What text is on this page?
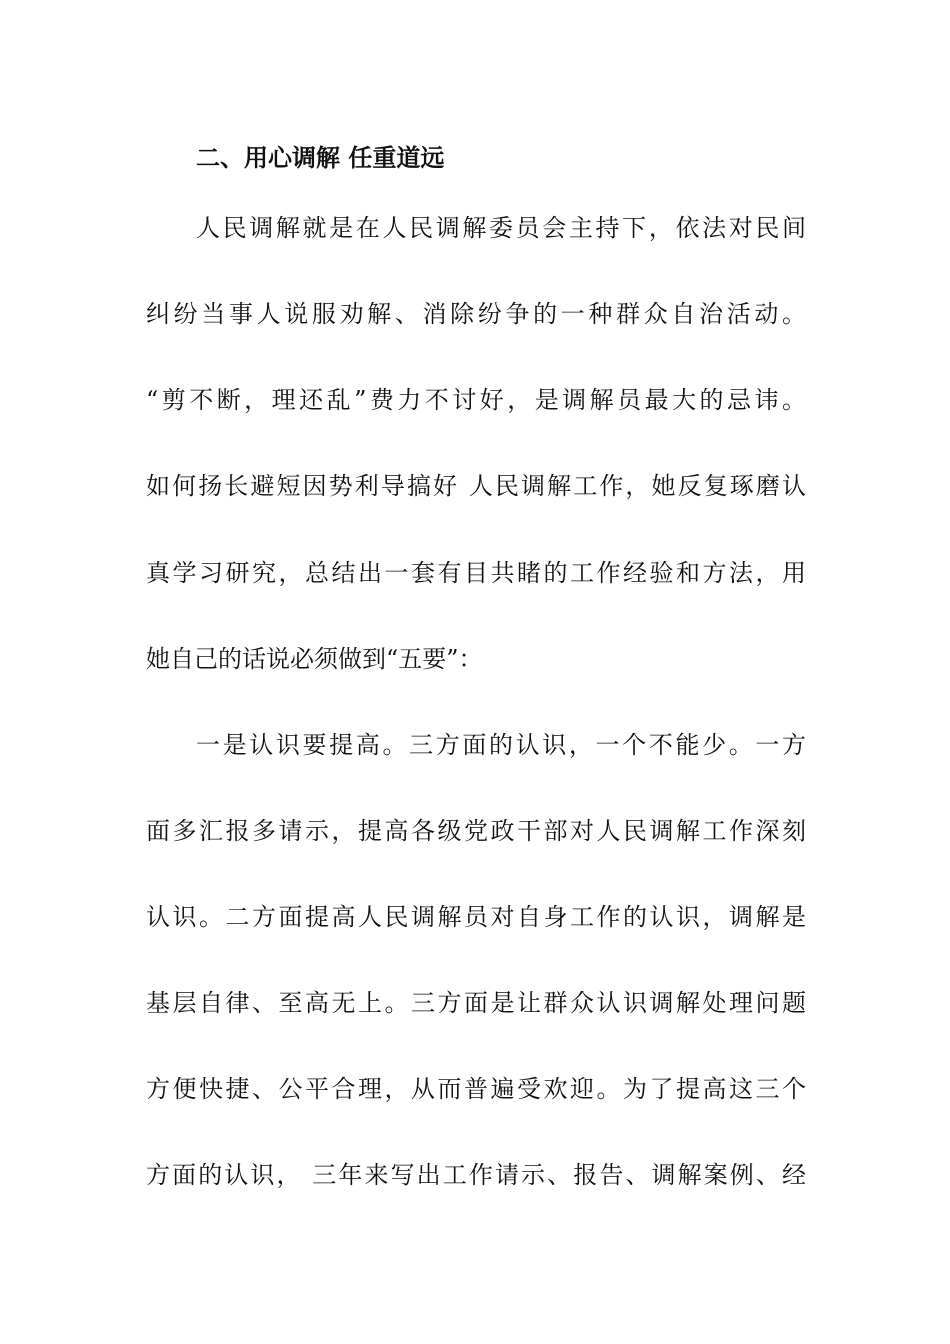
二、用心调解 任重道远

人民调解就是在人民调解委员会主持下，依法对民间

纠纷当事人说服劝解、消除纷争的一种群众自治活动。

“剪不断，理还乱”费力不讨好，是调解员最大的忌讳。

如何扬长避短因势利导搞好 人民调解工作，她反复琢磨认

真学习研究，总结出一套有目共睹的工作经验和方法，用

她自己的话说必须做到“五要”：

一是认识要提高。三方面的认识，一个不能少。一方

面多汇报多请示，提高各级党政干部对人民调解工作深刻

认识。二方面提高人民调解员对自身工作的认识，调解是

基层自律、至高无上。三方面是让群众认识调解处理问题

方便快捷、公平合理，从而普遍受欢迎。为了提高这三个

方面的认识， 三年来写出工作请示、报告、调解案例、经
